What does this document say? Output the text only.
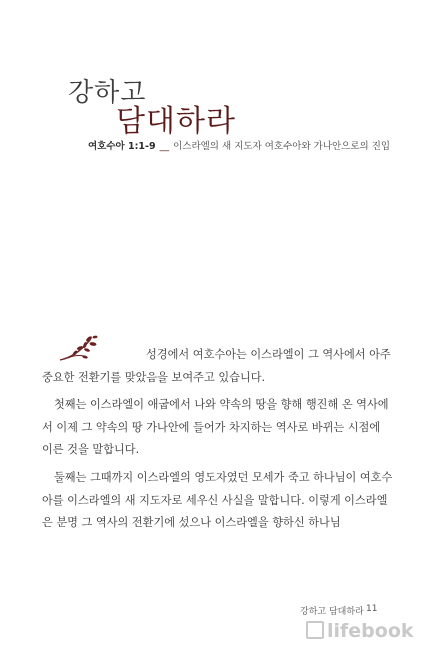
강하고
담대하라
여호수아 1:1-9 __ 이스라엘의 새 지도자 여호수아와 가나안으로의 진입

성경에서 여호수아는 이스라엘이 그 역사에서 아주 중요한 전환기를 맞았음을 보여주고 있습니다.

첫째는 이스라엘이 애굽에서 나와 약속의 땅을 향해 행진해 온 역사에서 이제 그 약속의 땅 가나안에 들어가 차지하는 역사로 바뀌는 시점에 이른 것을 말합니다.

둘째는 그때까지 이스라엘의 영도자였던 모세가 죽고 하나님이 여호수아를 이스라엘의 새 지도자로 세우신 사실을 말합니다. 이렇게 이스라엘은 분명 그 역사의 전환기에 섰으나 이스라엘을 향하신 하나님

강하고 담대하라 11
lifebook
